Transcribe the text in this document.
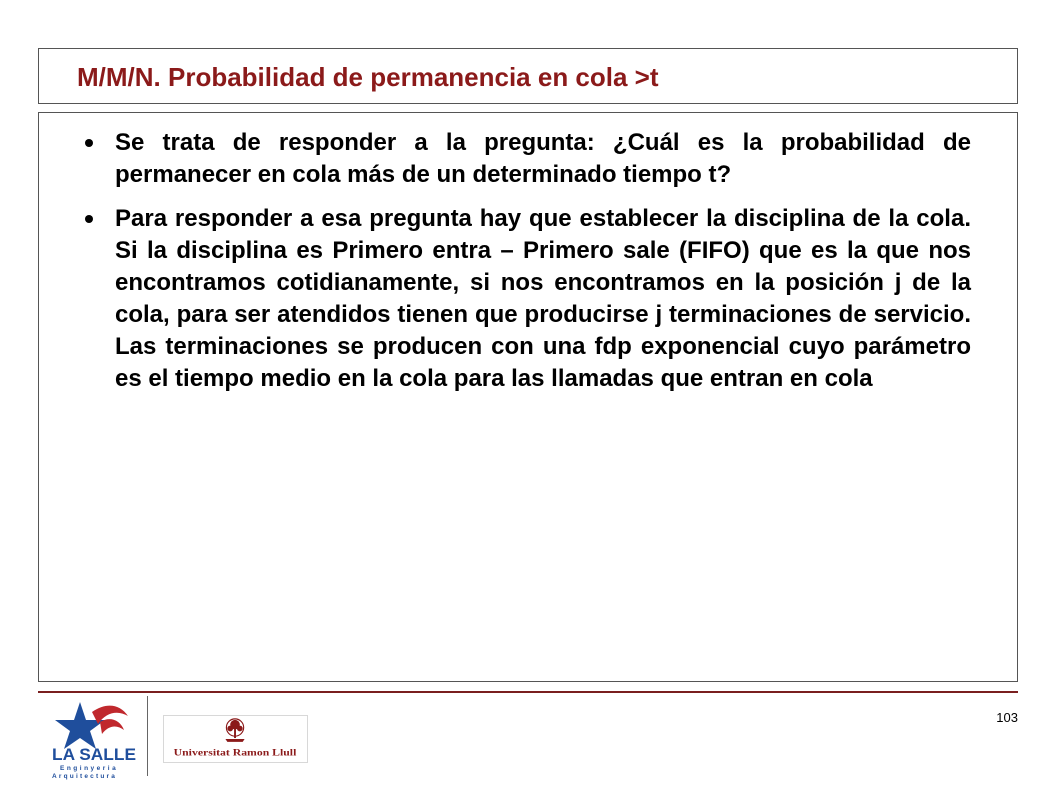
M/M/N. Probabilidad de permanencia en cola >t
Se trata de responder a la pregunta: ¿Cuál es la probabilidad de permanecer en cola más de un determinado tiempo t?
Para responder a esa pregunta hay que establecer la disciplina de la cola. Si la disciplina es Primero entra – Primero sale (FIFO) que es la que nos encontramos cotidianamente, si nos encontramos en la posición j de la cola, para ser atendidos tienen que producirse j terminaciones de servicio. Las terminaciones se producen con una fdp exponencial cuyo parámetro es el tiempo medio en la cola para las llamadas que entran en cola
LA SALLE
Enginyeria
Arquitectura
Universitat Ramon Llull
103
